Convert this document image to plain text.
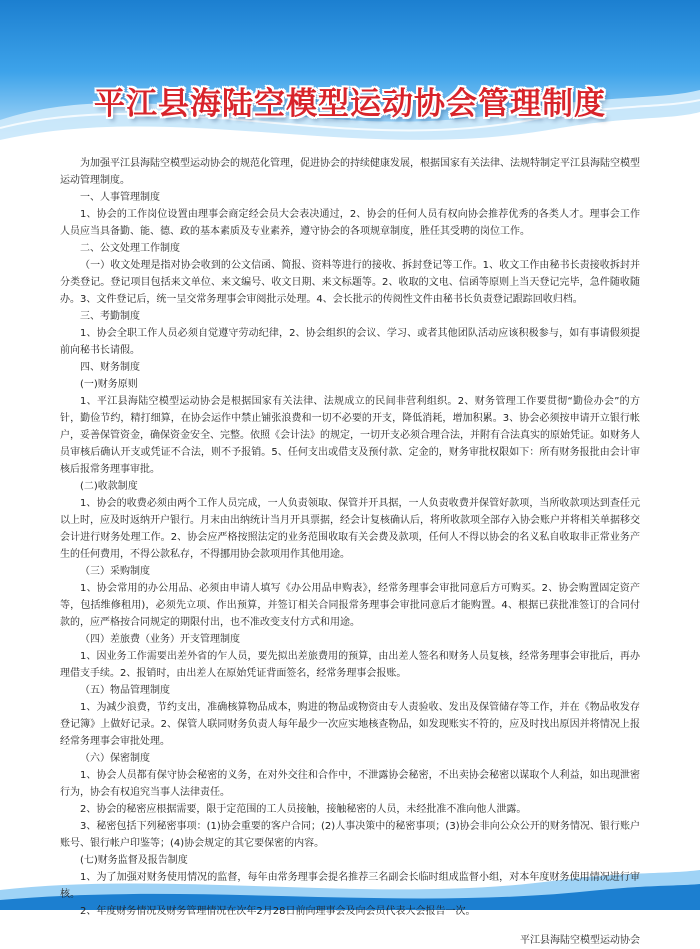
平江县海陆空模型运动协会管理制度

为加强平江县海陆空模型运动协会的规范化管理，促进协会的持续健康发展，根据国家有关法律、法规特制定平江县海陆空模型运动管理制度。

一、人事管理制度

1、协会的工作岗位设置由理事会商定经会员大会表决通过，2、协会的任何人员有权向协会推荐优秀的各类人才。理事会工作人员应当具备勤、能、德、政的基本素质及专业素养，遵守协会的各项规章制度，胜任其受聘的岗位工作。

二、公文处理工作制度

（一）收文处理是指对协会收到的公文信函、简报、资料等进行的接收、拆封登记等工作。1、收文工作由秘书长责接收拆封并分类登记。登记项目包括来文单位、来文编号、收文日期、来文标题等。2、收取的文电、信函等原则上当天登记完毕，急件随收随办。3、文件登记后，统一呈交常务理事会审阅批示处理。4、会长批示的传阅性文件由秘书长负责登记跟踪回收归档。

三、考勤制度

1、协会全职工作人员必须自觉遵守劳动纪律，2、协会组织的会议、学习、或者其他团队活动应该积极参与，如有事请假须提前向秘书长请假。

四、财务制度

(一)财务原则

1、平江县海陆空模型运动协会是根据国家有关法律、法规成立的民间非营利组织。2、财务管理工作要贯彻“勤俭办会”的方针，勤俭节约，精打细算，在协会运作中禁止铺张浪费和一切不必要的开支，降低消耗，增加积累。3、协会必须按申请开立银行帐户，妥善保管资金，确保资金安全、完整。依照《会计法》的规定，一切开支必须合理合法，并附有合法真实的原始凭证。如财务人员审核后确认开支或凭证不合法，则不予报销。5、任何支出或借支及预付款、定金的，财务审批权限如下：所有财务报批由会计审核后报常务理事审批。

(二)收款制度

1、协会的收费必须由两个工作人员完成，一人负责领取、保管并开具据，一人负责收费并保管好款项，当所收款项达到查任元以上时，应及时返纳开户银行。月末由出纳统计当月开具票据，经会计复核确认后，将所收款项全部存入协会账户并将相关单据移交会计进行财务处理工作。2、协会应严格按照法定的业务范围收取有关会费及款项，任何人不得以协会的名义私自收取非正常业务产生的任何费用，不得公款私存，不得挪用协会款项用作其他用途。

（三）采购制度

1、协会常用的办公用品、必须由申请人填写《办公用品申购表》，经常务理事会审批同意后方可购买。2、协会购置固定资产等，包括维修租用)，必须先立项、作出预算，并签订相关合同报常务理事会审批同意后才能购置。4、根据已获批准签订的合同付款的，应严格按合同规定的期限付出，也不准改变支付方式和用途。

（四）差旅费（业务）开支管理制度

1、因业务工作需要出差外省的乍人员，要先拟出差旅费用的预算，由出差人签名和财务人员复核，经常务理事会审批后，再办理借支手续。2、报销时，由出差人在原始凭证背面签名，经常务理事会报账。

（五）物品管理制度

1、为减少浪费，节约支出，准确核算物品成本，购进的物品或物资由专人责验收、发出及保管储存等工作，并在《物品收发存登记簿》上做好记录。2、保管人联同财务负责人每年最少一次应实地核查物品，如发现账实不符的，应及时找出原因并将情况上报经常务理事会审批处理。

（六）保密制度

1、协会人员都有保守协会秘密的义务，在对外交往和合作中，不泄露协会秘密，不出卖协会秘密以谋取个人利益，如出现泄密行为，协会有权追究当事人法律责任。

2、协会的秘密应根据需要，限于定范围的工人员接触，接触秘密的人员，未经批准不准向他人泄露。

3、秘密包括下列秘密事项：(1)协会重要的客户合同；(2)人事决策中的秘密事项；(3)协会非向公众公开的财务情况、银行账户账号、银行帐户印鉴等；(4)协会规定的其它要保密的内容。

(七)财务监督及报告制度

1、为了加强对财务使用情况的监督，每年由常务理事会提名推荐三名副会长临时组成监督小组，对本年度财务使用情况进行审核。

2、年度财务情况及财务管理情况在次年2月28日前向理事会及向会员代表大会报告一次。

平江县海陆空模型运动协会
